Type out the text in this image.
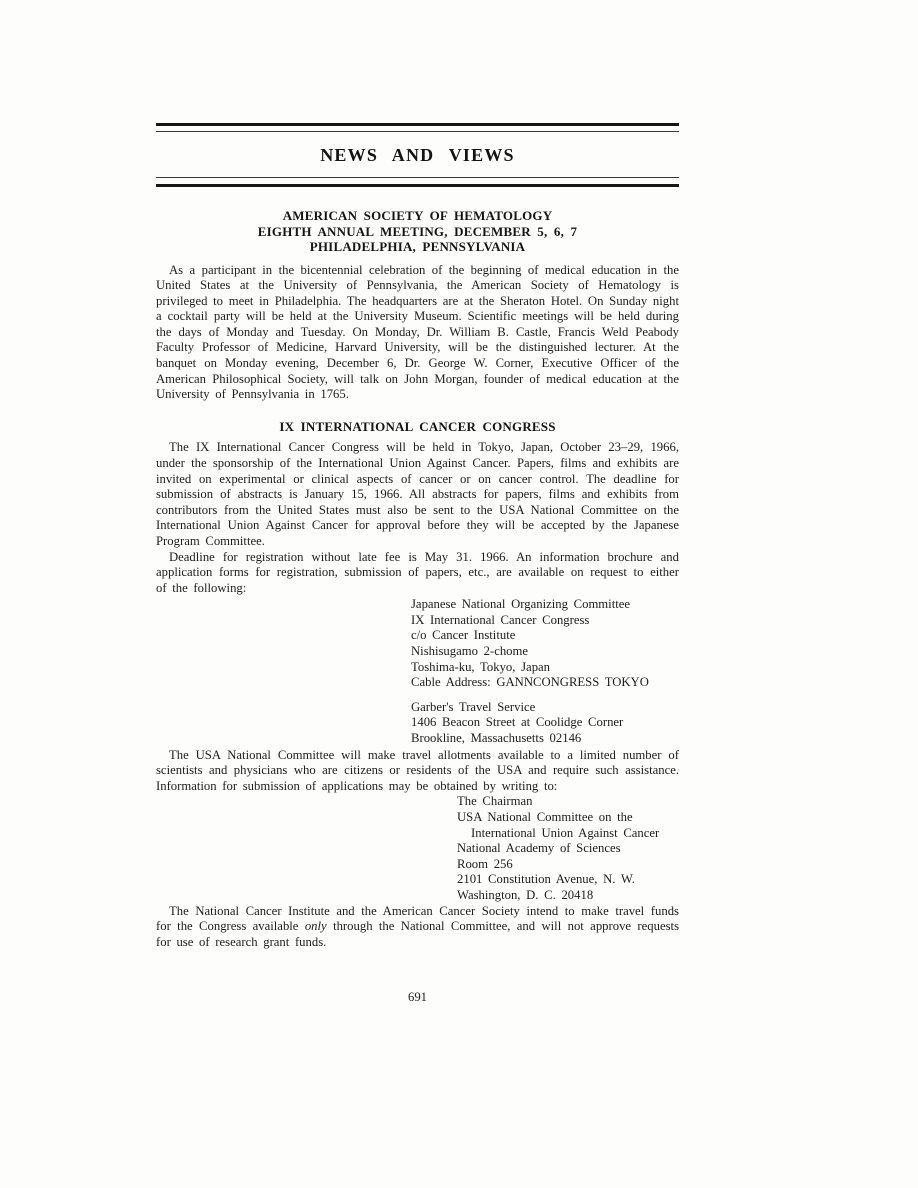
NEWS AND VIEWS
AMERICAN SOCIETY OF HEMATOLOGY
EIGHTH ANNUAL MEETING, DECEMBER 5, 6, 7
PHILADELPHIA, PENNSYLVANIA

As a participant in the bicentennial celebration of the beginning of medical education in the United States at the University of Pennsylvania, the American Society of Hematology is privileged to meet in Philadelphia. The headquarters are at the Sheraton Hotel. On Sunday night a cocktail party will be held at the University Museum. Scientific meetings will be held during the days of Monday and Tuesday. On Monday, Dr. William B. Castle, Francis Weld Peabody Faculty Professor of Medicine, Harvard University, will be the distinguished lecturer. At the banquet on Monday evening, December 6, Dr. George W. Corner, Executive Officer of the American Philosophical Society, will talk on John Morgan, founder of medical education at the University of Pennsylvania in 1765.

IX INTERNATIONAL CANCER CONGRESS

The IX International Cancer Congress will be held in Tokyo, Japan, October 23–29, 1966, under the sponsorship of the International Union Against Cancer. Papers, films and exhibits are invited on experimental or clinical aspects of cancer or on cancer control. The deadline for submission of abstracts is January 15, 1966. All abstracts for papers, films and exhibits from contributors from the United States must also be sent to the USA National Committee on the International Union Against Cancer for approval before they will be accepted by the Japanese Program Committee.

Deadline for registration without late fee is May 31. 1966. An information brochure and application forms for registration, submission of papers, etc., are available on request to either of the following:

Japanese National Organizing Committee
IX International Cancer Congress
c/o Cancer Institute
Nishisugamo 2-chome
Toshima-ku, Tokyo, Japan
Cable Address: GANNCONGRESS TOKYO
Garber's Travel Service
1406 Beacon Street at Coolidge Corner
Brookline, Massachusetts 02146

The USA National Committee will make travel allotments available to a limited number of scientists and physicians who are citizens or residents of the USA and require such assistance. Information for submission of applications may be obtained by writing to:

The Chairman
USA National Committee on the
International Union Against Cancer
National Academy of Sciences
Room 256
2101 Constitution Avenue, N. W.
Washington, D. C. 20418

The National Cancer Institute and the American Cancer Society intend to make travel funds for the Congress available only through the National Committee, and will not approve requests for use of research grant funds.

691
